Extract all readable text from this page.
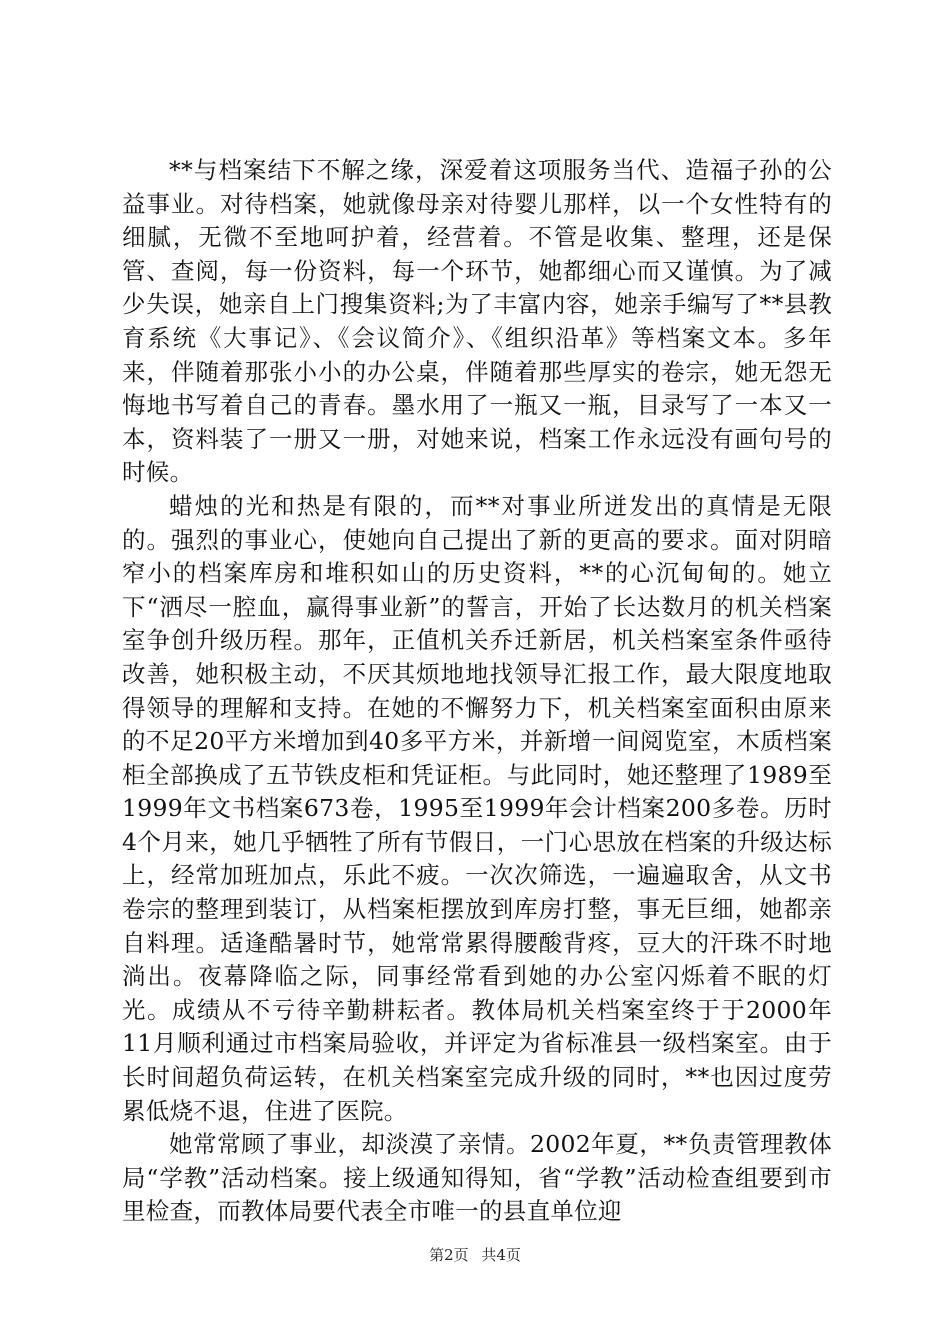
**与档案结下不解之缘，深爱着这项服务当代、造福子孙的公益事业。对待档案，她就像母亲对待婴儿那样，以一个女性特有的细腻，无微不至地呵护着，经营着。不管是收集、整理，还是保管、查阅，每一份资料，每一个环节，她都细心而又谨慎。为了减少失误，她亲自上门搜集资料;为了丰富内容，她亲手编写了**县教育系统《大事记》、《会议简介》、《组织沿革》等档案文本。多年来，伴随着那张小小的办公桌，伴随着那些厚实的卷宗，她无怨无悔地书写着自己的青春。墨水用了一瓶又一瓶，目录写了一本又一本，资料装了一册又一册，对她来说，档案工作永远没有画句号的时候。

蜡烛的光和热是有限的，而**对事业所迸发出的真情是无限的。强烈的事业心，使她向自己提出了新的更高的要求。面对阴暗窄小的档案库房和堆积如山的历史资料，**的心沉甸甸的。她立下“洒尽一腔血，赢得事业新”的誓言，开始了长达数月的机关档案室争创升级历程。那年，正值机关乔迁新居，机关档案室条件亟待改善，她积极主动，不厌其烦地地找领导汇报工作，最大限度地取得领导的理解和支持。在她的不懈努力下，机关档案室面积由原来的不足20平方米增加到40多平方米，并新增一间阅览室，木质档案柜全部换成了五节铁皮柜和凭证柜。与此同时，她还整理了1989至1999年文书档案673卷，1995至1999年会计档案200多卷。历时4个月来，她几乎牺牲了所有节假日，一门心思放在档案的升级达标上，经常加班加点，乐此不疲。一次次筛选，一遍遍取舍，从文书卷宗的整理到装订，从档案柜摆放到库房打整，事无巨细，她都亲自料理。适逢酷暑时节，她常常累得腰酸背疼，豆大的汗珠不时地淌出。夜幕降临之际，同事经常看到她的办公室闪烁着不眠的灯光。成绩从不亏待辛勤耕耘者。教体局机关档案室终于于2000年11月顺利通过市档案局验收，并评定为省标准县一级档案室。由于长时间超负荷运转，在机关档案室完成升级的同时，**也因过度劳累低烧不退，住进了医院。

她常常顾了事业，却淡漠了亲情。2002年夏，**负责管理教体局“学教”活动档案。接上级通知得知，省“学教”活动检查组要到市里检查，而教体局要代表全市唯一的县直单位迎

第2页 共4页
